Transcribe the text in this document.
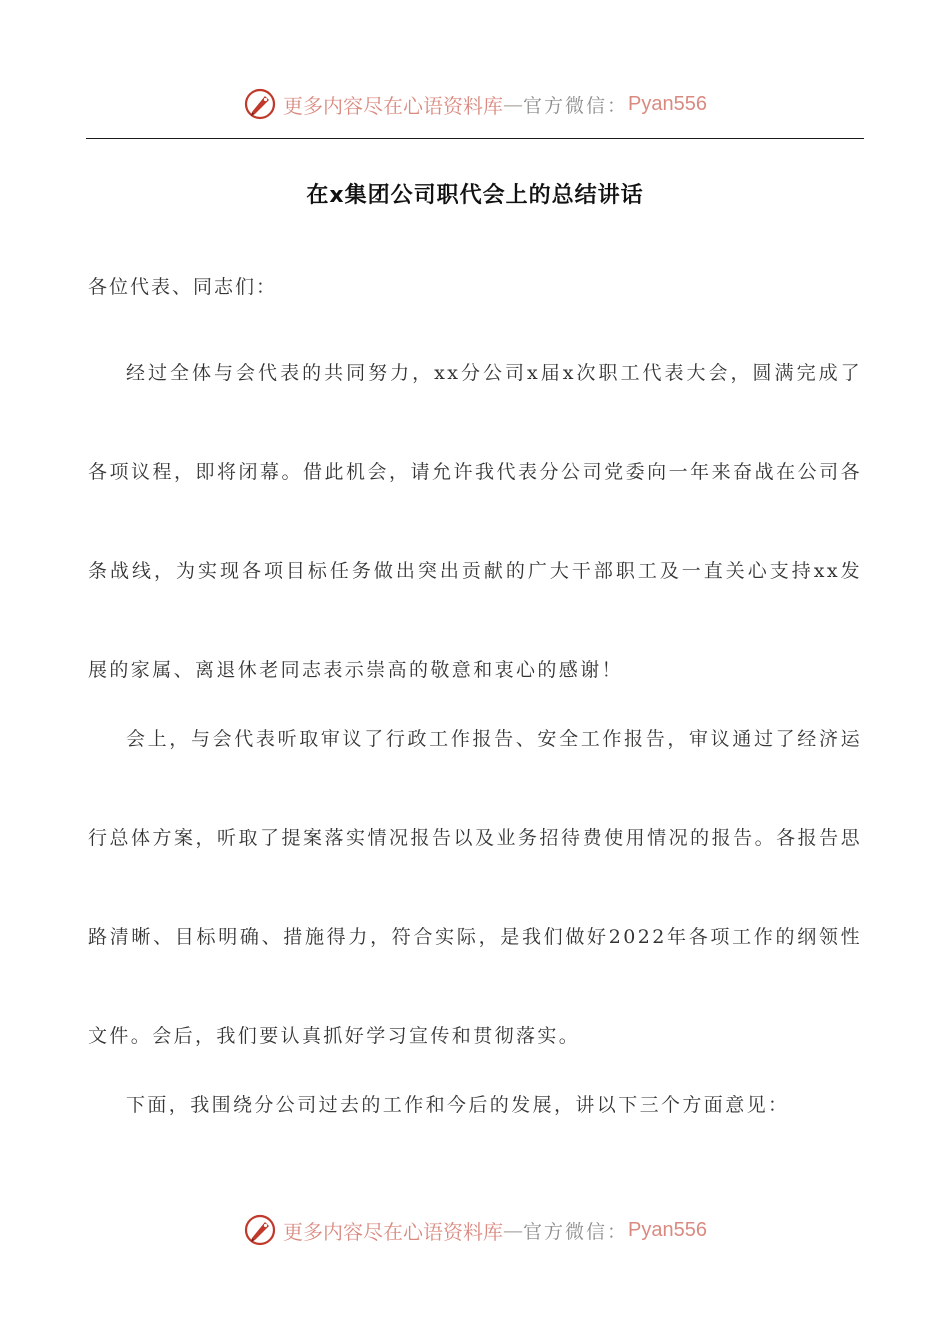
更多内容尽在心语资料库 — 官方微信： Pyan556
在x集团公司职代会上的总结讲话

各位代表、同志们：

经过全体与会代表的共同努力，xx分公司x届x次职工代表大会，圆满完成了各项议程，即将闭幕。借此机会，请允许我代表分公司党委向一年来奋战在公司各条战线，为实现各项目标任务做出突出贡献的广大干部职工及一直关心支持xx发展的家属、离退休老同志表示崇高的敬意和衷心的感谢！

会上，与会代表听取审议了行政工作报告、安全工作报告，审议通过了经济运行总体方案，听取了提案落实情况报告以及业务招待费使用情况的报告。各报告思路清晰、目标明确、措施得力，符合实际，是我们做好2022年各项工作的纲领性文件。会后，我们要认真抓好学习宣传和贯彻落实。

下面，我围绕分公司过去的工作和今后的发展，讲以下三个方面意见：

更多内容尽在心语资料库 — 官方微信： Pyan556
